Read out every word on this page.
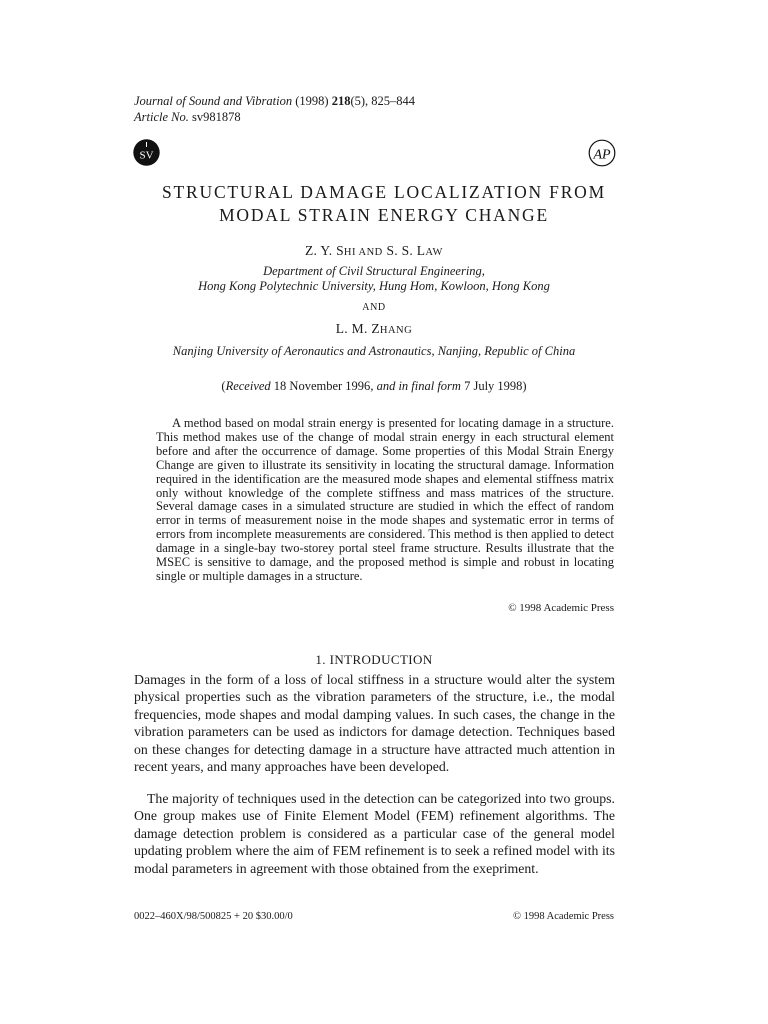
Journal of Sound and Vibration (1998) 218(5), 825–844
Article No. sv981878
SV	AP
STRUCTURAL DAMAGE LOCALIZATION FROM
MODAL STRAIN ENERGY CHANGE
Z. Y. SHI AND S. S. LAW
Department of Civil Structural Engineering,
Hong Kong Polytechnic University, Hung Hom, Kowloon, Hong Kong
AND
L. M. ZHANG
Nanjing University of Aeronautics and Astronautics, Nanjing, Republic of China
(Received 18 November 1996, and in final form 7 July 1998)

A method based on modal strain energy is presented for locating damage in a structure. This method makes use of the change of modal strain energy in each structural element before and after the occurrence of damage. Some properties of this Modal Strain Energy Change are given to illustrate its sensitivity in locating the structural damage. Information required in the identification are the measured mode shapes and elemental stiffness matrix only without knowledge of the complete stiffness and mass matrices of the structure. Several damage cases in a simulated structure are studied in which the effect of random error in terms of measurement noise in the mode shapes and systematic error in terms of errors from incomplete measurements are considered. This method is then applied to detect damage in a single-bay two-storey portal steel frame structure. Results illustrate that the MSEC is sensitive to damage, and the proposed method is simple and robust in locating single or multiple damages in a structure.

© 1998 Academic Press
1. INTRODUCTION

Damages in the form of a loss of local stiffness in a structure would alter the system physical properties such as the vibration parameters of the structure, i.e., the modal frequencies, mode shapes and modal damping values. In such cases, the change in the vibration parameters can be used as indictors for damage detection. Techniques based on these changes for detecting damage in a structure have attracted much attention in recent years, and many approaches have been developed.

The majority of techniques used in the detection can be categorized into two groups. One group makes use of Finite Element Model (FEM) refinement algorithms. The damage detection problem is considered as a particular case of the general model updating problem where the aim of FEM refinement is to seek a refined model with its modal parameters in agreement with those obtained from the exepriment.

0022–460X/98/500825 + 20 $30.00/0	© 1998 Academic Press
